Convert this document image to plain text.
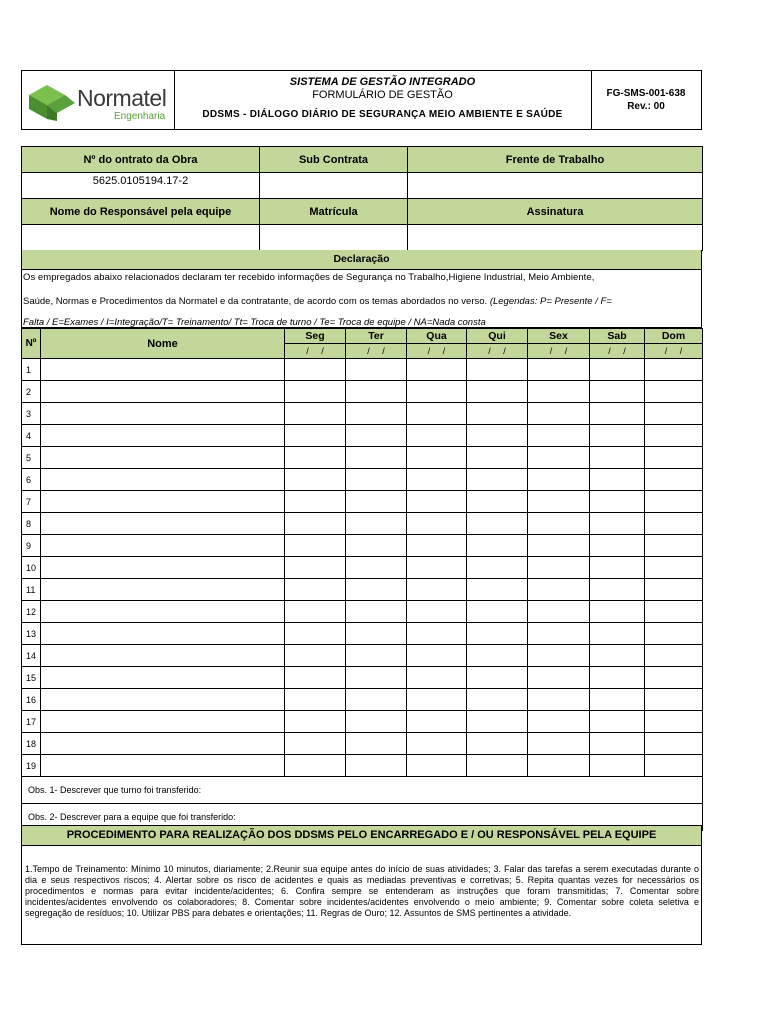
Normatel
Engenharia
SISTEMA DE GESTÃO INTEGRADO
FORMULÁRIO DE GESTÃO
DDSMS - DIÁLOGO DIÁRIO DE SEGURANÇA MEIO AMBIENTE E SAÚDE
FG-SMS-001-638
Rev.: 00
Nº do ontrato da Obra	Sub Contrata	Frente de Trabalho
5625.0105194.17-2		
Nome do Responsável pela equipe	Matrícula	Assinatura

Declaração
Os empregados abaixo relacionados declaram ter recebido informações de Segurança no Trabalho,Higiene Industrial, Meio Ambiente,
Saúde, Normas e Procedimentos da Normatel e da contratante, de acordo com os temas abordados no verso. (Legendas: P= Presente / F=
Falta / E=Exames / I=Integração/T= Treinamento/ Tt= Troca de turno / Te= Troca de equipe / NA=Nada consta
Nº	Nome	Seg	Ter	Qua	Qui	Sex	Sab	Dom
		/     /	/     /	/     /	/     /	/     /	/     /	/     /
1								
2								
3								
4								
5								
6								
7								
8								
9								
10								
11								
12								
13								
14								
15								
16								
17								
18								
19								
Obs. 1- Descrever que turno foi transferido:								
Obs. 2- Descrever para a equipe que foi transferido:								
PROCEDIMENTO PARA REALIZAÇÃO DOS DDSMS PELO ENCARREGADO E / OU RESPONSÁVEL PELA EQUIPE
1.Tempo de Treinamento: Mínimo 10 minutos, diariamente; 2.Reunir sua equipe antes do início de suas atividades; 3. Falar das tarefas a serem executadas durante o dia e seus respectivos riscos; 4. Alertar sobre os risco de acidentes e quais as mediadas preventivas e corretivas; 5. Repita quantas vezes for necessários os procedimentos e normas para evitar incidente/acidentes; 6. Confira sempre se entenderam as instruções que foram transmitidas; 7. Comentar sobre incidentes/acidentes envolvendo os colaboradores; 8. Comentar sobre incidentes/acidentes envolvendo o meio ambiente; 9. Comentar sobre coleta seletiva e segregação de resíduos; 10. Utilizar PBS para debates e orientações; 11. Regras de Ouro; 12. Assuntos de SMS pertinentes a atividade.
